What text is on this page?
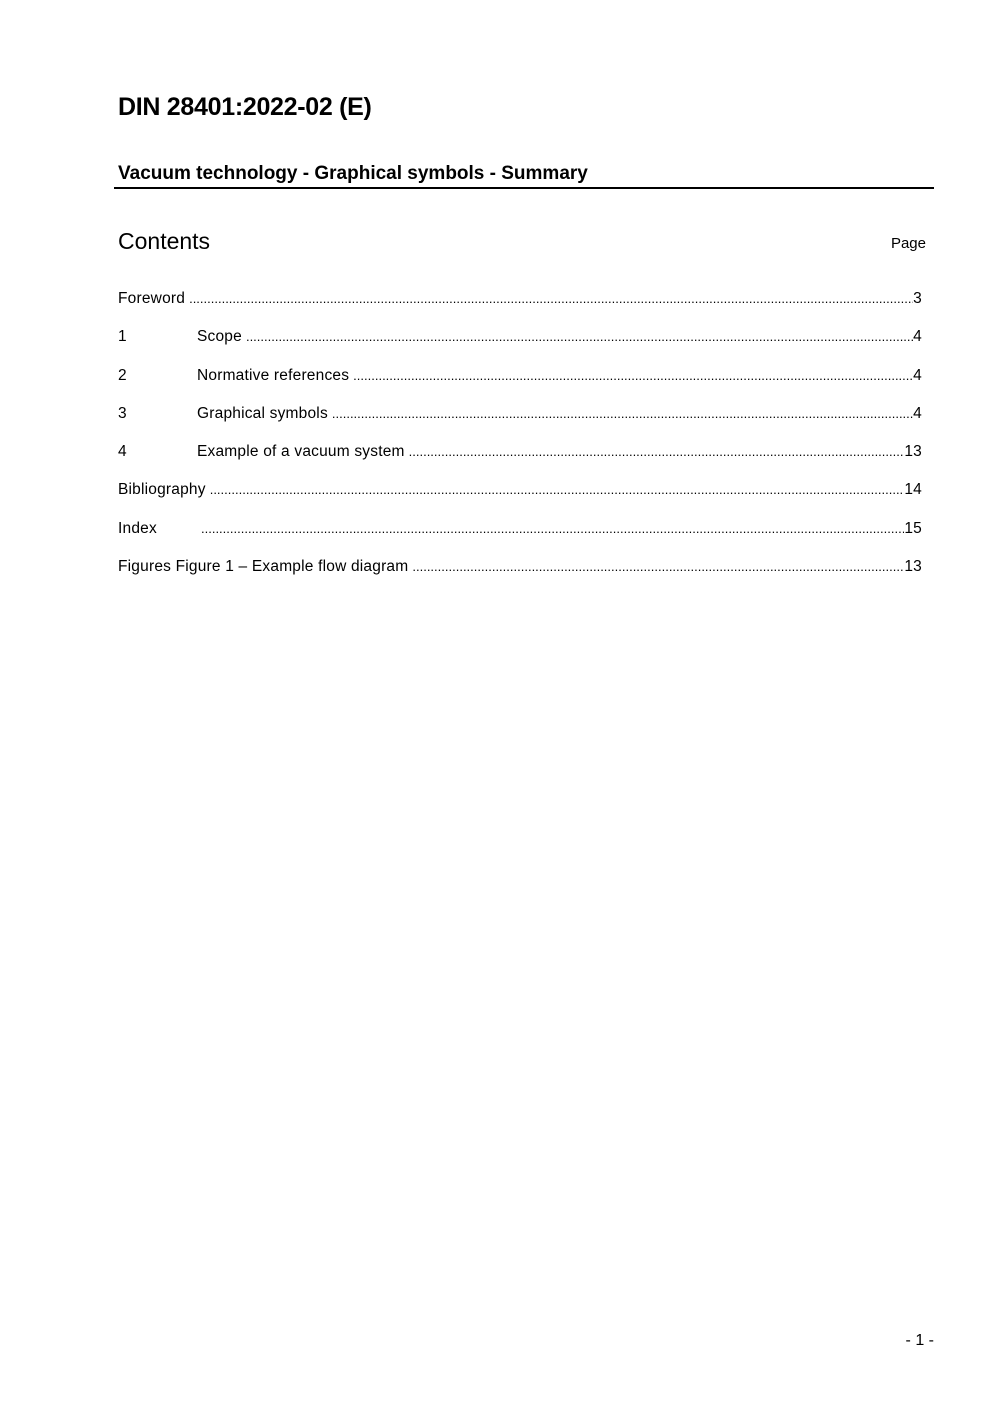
DIN 28401:2022-02 (E)
Vacuum technology - Graphical symbols - Summary
Contents	Page
Foreword .....	3
1	Scope .....	4
2	Normative references .....	4
3	Graphical symbols .....	4
4	Example of a vacuum system .....	13
Bibliography .....	14
Index .....	15
Figures Figure 1 – Example flow diagram .....	13
- 1 -
